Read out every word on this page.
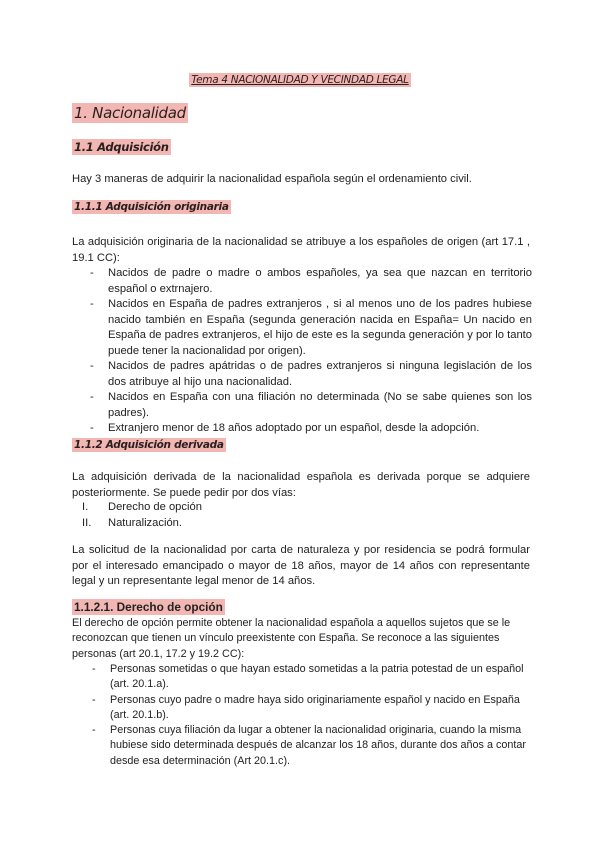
Tema 4 NACIONALIDAD Y VECINDAD LEGAL
1. Nacionalidad
1.1 Adquisición

Hay 3 maneras de adquirir la nacionalidad española según el ordenamiento civil.

1.1.1 Adquisición originaria

La adquisición originaria de la nacionalidad se atribuye a los españoles de origen (art 17.1 , 19.1 CC):

- Nacidos de padre o madre o ambos españoles, ya sea que nazcan en territorio español o extrnajero.
- Nacidos en España de padres extranjeros , si al menos uno de los padres hubiese nacido también en España (segunda generación nacida en España= Un nacido en España de padres extranjeros, el hijo de este es la segunda generación y por lo tanto puede tener la nacionalidad por origen).
- Nacidos de padres apátridas o de padres extranjeros si ninguna legislación de los dos atribuye al hijo una nacionalidad.
- Nacidos en España con una filiación no determinada (No se sabe quienes son los padres).
- Extranjero menor de 18 años adoptado por un español, desde la adopción.
1.1.2 Adquisición derivada

La adquisición derivada de la nacionalidad española es derivada porque se adquiere posteriormente. Se puede pedir por dos vías:

I. Derecho de opción
II. Naturalización.

La solicitud de la nacionalidad por carta de naturaleza y por residencia se podrá formular por el interesado emancipado o mayor de 18 años, mayor de 14 años con representante legal y un representante legal menor de 14 años.

1.1.2.1. Derecho de opción

El derecho de opción permite obtener la nacionalidad española a aquellos sujetos que se le reconozcan que tienen un vínculo preexistente con España. Se reconoce a las siguientes personas (art 20.1, 17.2 y 19.2 CC):

- Personas sometidas o que hayan estado sometidas a la patria potestad de un español (art. 20.1.a).
- Personas cuyo padre o madre haya sido originariamente español y nacido en España (art. 20.1.b).
- Personas cuya filiación da lugar a obtener la nacionalidad originaria, cuando la misma hubiese sido determinada después de alcanzar los 18 años, durante dos años a contar desde esa determinación (Art 20.1.c).
